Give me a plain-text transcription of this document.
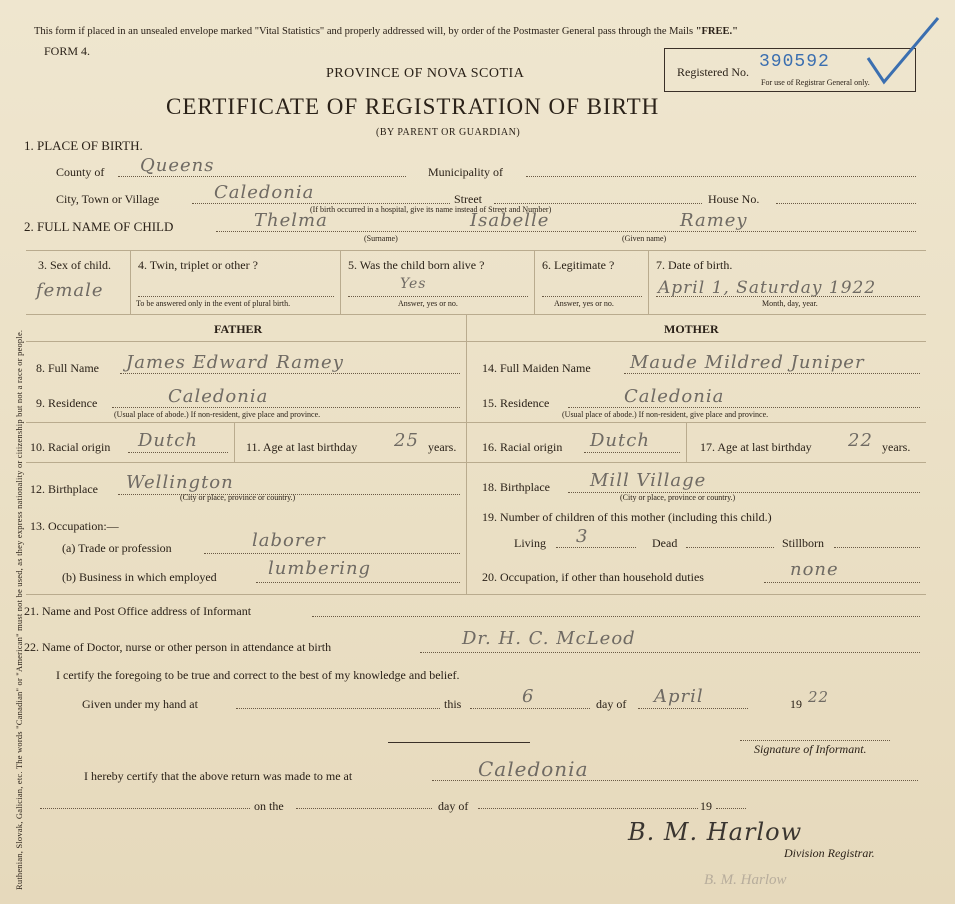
Ruthenian, Slovak, Galician, etc. The words "Canadian" or "American" must not be used, as they express nationality or citizenship but not a race or people.
This form if placed in an unsealed envelope marked "Vital Statistics" and properly addressed will, by order of the Postmaster General pass through the Mails "FREE."
FORM 4.
PROVINCE OF NOVA SCOTIA	Registered No. 390592
For use of Registrar General only.
CERTIFICATE OF REGISTRATION OF BIRTH
(BY PARENT OR GUARDIAN)
1. PLACE OF BIRTH.
County of Queens	Municipality of
City, Town or Village	Caledonia	Street	House No.
(If birth occurred in a hospital, give its name instead of Street and Number)
2. FULL NAME OF CHILD	Thelma	Isabelle	Ramey
(Surname)	(Given name)
3. Sex of child.
female
4. Twin, triplet or other ?
To be answered only in the event of plural birth.
5. Was the child born alive ?
Yes
Answer, yes or no.
6. Legitimate ?
Answer, yes or no.
7. Date of birth.
April 1, Saturday 1922
Month, day, year.
FATHER	MOTHER
8. Full Name James Edward Ramey
9. Residence	Caledonia
(Usual place of abode.) If non-resident, give place and province.
10. Racial origin Dutch	11. Age at last birthday 25 years.
12. Birthplace Wellington
(City or place, province or country.)
13. Occupation:—
(a) Trade or profession	laborer
(b) Business in which employed	lumbering
14. Full Maiden Name Maude Mildred Juniper
15. Residence	Caledonia
(Usual place of abode.) If non-resident, give place and province.
16. Racial origin Dutch	17. Age at last birthday 22 years.
18. Birthplace Mill Village
(City or place, province or country.)
19. Number of children of this mother (including this child.)
Living 3	Dead	Stillborn
20. Occupation, if other than household duties	none
21. Name and Post Office address of Informant
22. Name of Doctor, nurse or other person in attendance at birth	Dr. H. C. McLeod
I certify the foregoing to be true and correct to the best of my knowledge and belief.
Given under my hand at	this	6	day of April	19 22
Signature of Informant.
I hereby certify that the above return was made to me at	Caledonia
on the	day of	19
B. M. Harlow
Division Registrar.
B. M. Harlow
